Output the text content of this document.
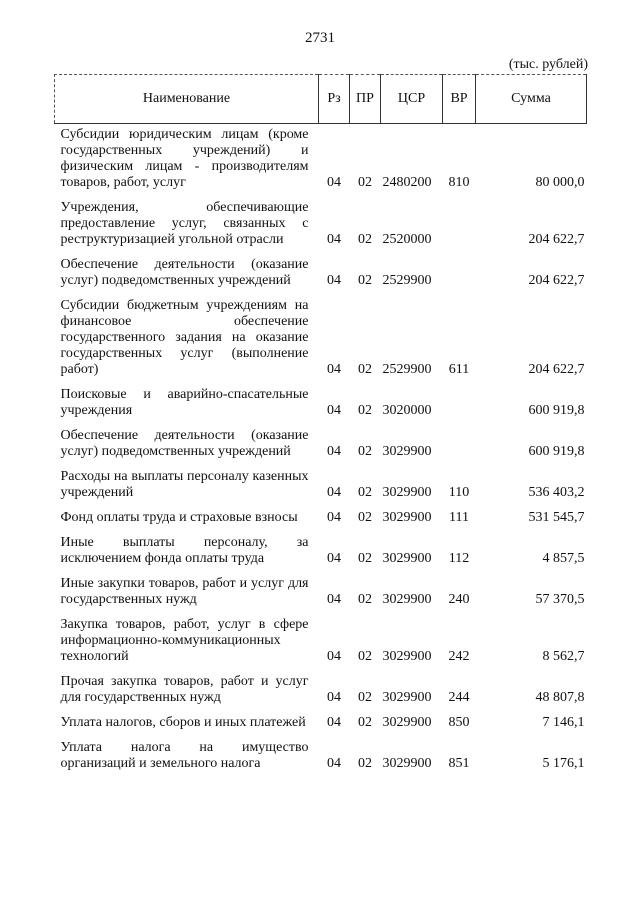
2731
(тыс. рублей)
Наименование	Рз	ПР	ЦСР	ВР	Сумма
Субсидии юридическим лицам (кроме государственных учреждений) и физическим лицам - производителям товаров, работ, услуг	04	02	2480200	810	80 000,0
Учреждения, обеспечивающие предоставление услуг, связанных с реструктуризацией угольной отрасли	04	02	2520000		204 622,7
Обеспечение деятельности (оказание услуг) подведомственных учреждений	04	02	2529900		204 622,7
Субсидии бюджетным учреждениям на финансовое обеспечение государственного задания на оказание государственных услуг (выполнение работ)	04	02	2529900	611	204 622,7
Поисковые и аварийно-спасательные учреждения	04	02	3020000		600 919,8
Обеспечение деятельности (оказание услуг) подведомственных учреждений	04	02	3029900		600 919,8
Расходы на выплаты персоналу казенных учреждений	04	02	3029900	110	536 403,2
Фонд оплаты труда и страховые взносы	04	02	3029900	111	531 545,7
Иные выплаты персоналу, за исключением фонда оплаты труда	04	02	3029900	112	4 857,5
Иные закупки товаров, работ и услуг для государственных нужд	04	02	3029900	240	57 370,5
Закупка товаров, работ, услуг в сфере информационно-коммуникационных технологий	04	02	3029900	242	8 562,7
Прочая закупка товаров, работ и услуг для государственных нужд	04	02	3029900	244	48 807,8
Уплата налогов, сборов и иных платежей	04	02	3029900	850	7 146,1
Уплата налога на имущество организаций и земельного налога	04	02	3029900	851	5 176,1
